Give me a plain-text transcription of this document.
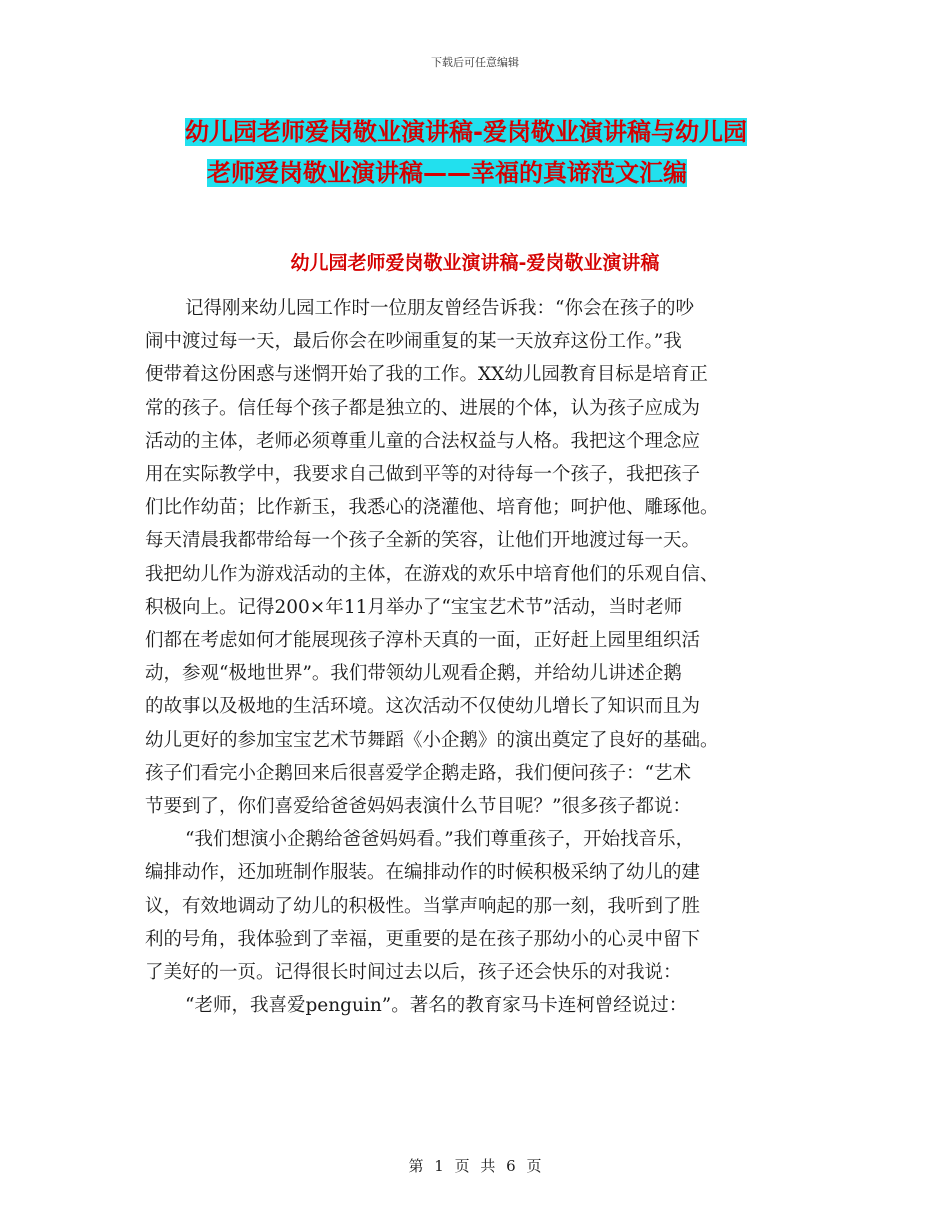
下载后可任意编辑
幼儿园老师爱岗敬业演讲稿-爱岗敬业演讲稿与幼儿园
老师爱岗敬业演讲稿——幸福的真谛范文汇编
幼儿园老师爱岗敬业演讲稿-爱岗敬业演讲稿
记得刚来幼儿园工作时一位朋友曾经告诉我：“你会在孩子的吵
闹中渡过每一天，最后你会在吵闹重复的某一天放弃这份工作。”我
便带着这份困惑与迷惘开始了我的工作。XX幼儿园教育目标是培育正
常的孩子。信任每个孩子都是独立的、进展的个体，认为孩子应成为
活动的主体，老师必须尊重儿童的合法权益与人格。我把这个理念应
用在实际教学中，我要求自己做到平等的对待每一个孩子，我把孩子
们比作幼苗；比作新玉，我悉心的浇灌他、培育他；呵护他、雕琢他。
每天清晨我都带给每一个孩子全新的笑容，让他们开地渡过每一天。
我把幼儿作为游戏活动的主体，在游戏的欢乐中培育他们的乐观自信、
积极向上。记得200×年11月举办了“宝宝艺术节”活动，当时老师
们都在考虑如何才能展现孩子淳朴天真的一面，正好赶上园里组织活
动，参观“极地世界”。我们带领幼儿观看企鹅，并给幼儿讲述企鹅
的故事以及极地的生活环境。这次活动不仅使幼儿增长了知识而且为
幼儿更好的参加宝宝艺术节舞蹈《小企鹅》的演出奠定了良好的基础。
孩子们看完小企鹅回来后很喜爱学企鹅走路，我们便问孩子：“艺术
节要到了，你们喜爱给爸爸妈妈表演什么节目呢？”很多孩子都说：
“我们想演小企鹅给爸爸妈妈看。”我们尊重孩子，开始找音乐，
编排动作，还加班制作服装。在编排动作的时候积极采纳了幼儿的建
议，有效地调动了幼儿的积极性。当掌声响起的那一刻，我听到了胜
利的号角，我体验到了幸福，更重要的是在孩子那幼小的心灵中留下
了美好的一页。记得很长时间过去以后，孩子还会快乐的对我说：
“老师，我喜爱penguin”。著名的教育家马卡连柯曾经说过：
第 1 页 共 6 页
